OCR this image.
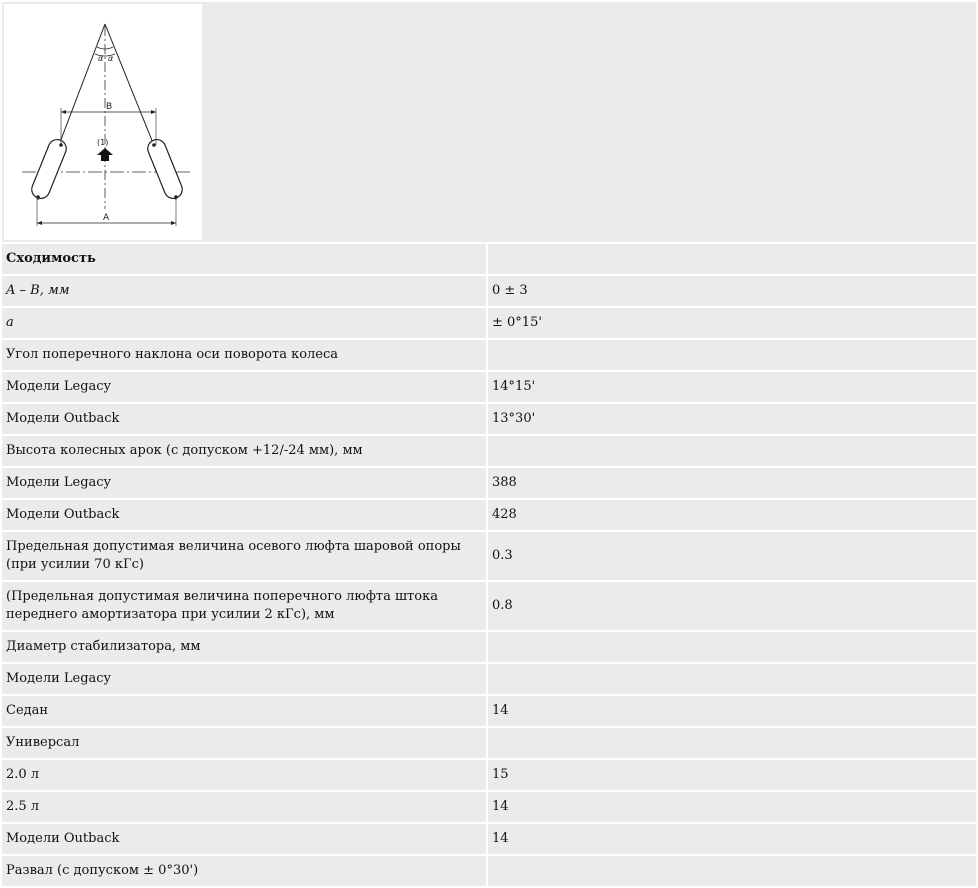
α α
B
A
(1)	

Сходимость	
A – B, мм	0 ± 3
a	± 0°15'
Угол поперечного наклона оси поворота колеса	
Модели Legacy	14°15'
Модели Outback	13°30'
Высота колесных арок (с допуском +12/-24 мм), мм	
Модели Legacy	388
Модели Outback	428
Предельная допустимая величина осевого люфта шаровой опоры (при усилии 70 кГс)	0.3
(Предельная допустимая величина поперечного люфта штока переднего амортизатора при усилии 2 кГс), мм	0.8
Диаметр стабилизатора, мм	
Модели Legacy	
Седан	14
Универсал	
2.0 л	15
2.5 л	14
Модели Outback	14
Развал (с допуском ± 0°30')	
